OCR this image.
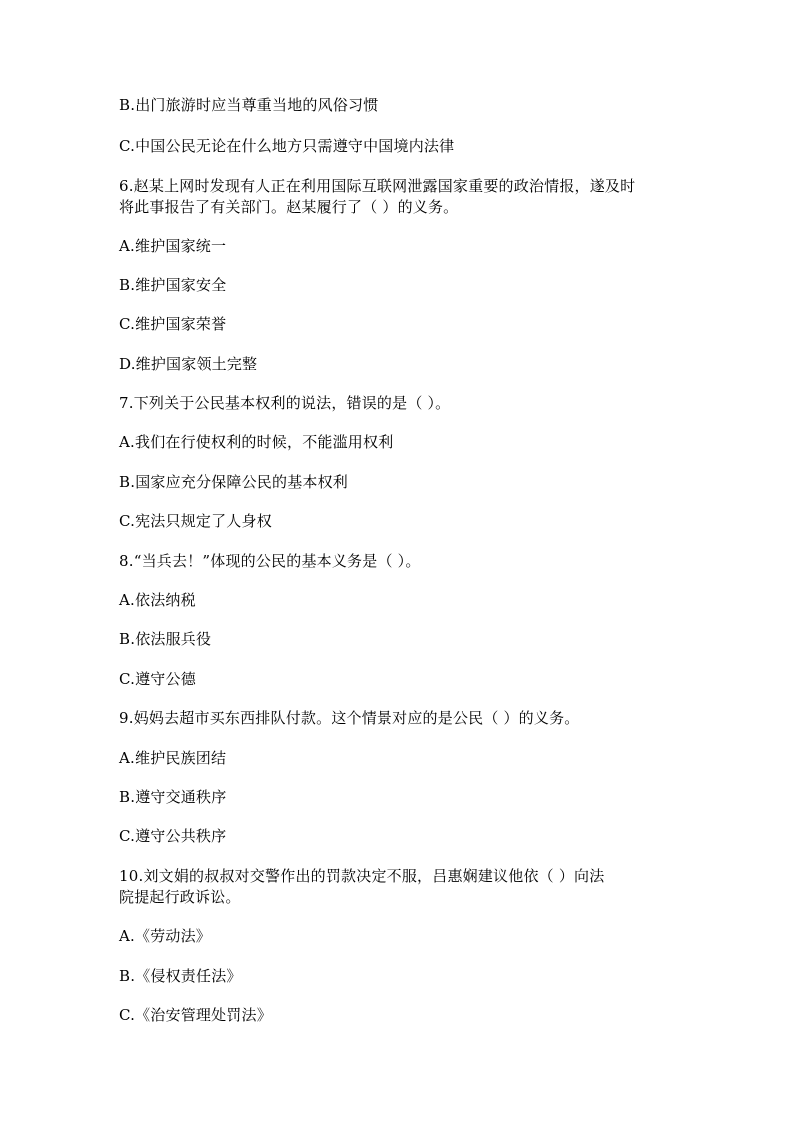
B.出门旅游时应当尊重当地的风俗习惯
C.中国公民无论在什么地方只需遵守中国境内法律
6.赵某上网时发现有人正在利用国际互联网泄露国家重要的政治情报，遂及时
将此事报告了有关部门。赵某履行了（ ）的义务。
A.维护国家统一
B.维护国家安全
C.维护国家荣誉
D.维护国家领土完整
7.下列关于公民基本权利的说法，错误的是（ ）。
A.我们在行使权利的时候，不能滥用权利
B.国家应充分保障公民的基本权利
C.宪法只规定了人身权
8.“当兵去！”体现的公民的基本义务是（ ）。
A.依法纳税
B.依法服兵役
C.遵守公德
9.妈妈去超市买东西排队付款。这个情景对应的是公民（ ）的义务。
A.维护民族团结
B.遵守交通秩序
C.遵守公共秩序
10.刘文娟的叔叔对交警作出的罚款决定不服，吕惠娴建议他依（ ）向法
院提起行政诉讼。
A.《劳动法》
B.《侵权责任法》
C.《治安管理处罚法》
